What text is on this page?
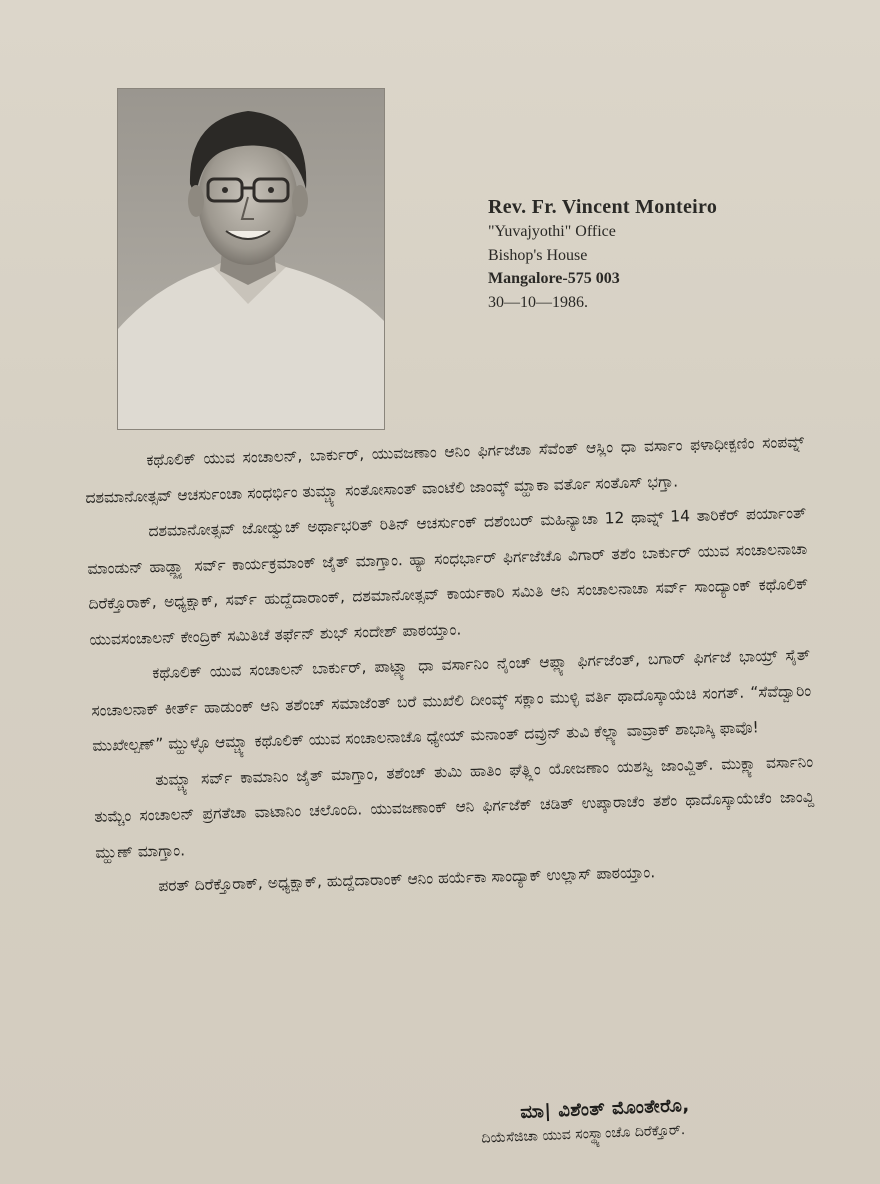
Rev. Fr. Vincent Monteiro
"Yuvajyothi" Office
Bishop's House
Mangalore-575 003
30—10—1986.

ಕಥೊಲಿಕ್ ಯುವ ಸಂಚಾಲನ್, ಬಾರ್ಕುರ್, ಯುವಜಣಾಂ ಆನಿಂ ಫಿರ್ಗಜೆಚಾ ಸೆವೆಂತ್ ಆಸ್ಲಿಂ ಧಾ ವರ್ಸಾಂ ಫಳಾಧೀಕ್ಪಣಿಂ ಸಂಪವ್ನ್ ದಶಮಾನೋತ್ಸವ್ ಆಚರ್ಸುಂಚಾ ಸಂಧರ್ಭಿಂ ತುಮ್ಚ್ಯಾ ಸಂತೋಸಾಂತ್ ವಾಂಟೆಲಿ ಜಾಂವ್ಕ್ ಮ್ಹಾಕಾ ವರ್ತೊ ಸಂತೊಸ್ ಭಗ್ತಾ.

ದಶಮಾನೋತ್ಸವ್ ಜೋಡ್ವುಚ್ ಅರ್ಥಾಭರಿತ್ ರಿತಿನ್ ಆಚರ್ಸುಂಕ್ ದಶೆಂಬರ್ ಮಹಿನ್ಯಾಚಾ 12 ಥಾವ್ನ್ 14 ತಾರಿಕೆರ್ ಪರ್ಯಾಂತ್ ಮಾಂಡುನ್ ಹಾಡ್ಲ್ಲ್ಯಾ ಸರ್ವ್ ಕಾರ್ಯಕ್ರಮಾಂಕ್ ಜೈತ್ ಮಾಗ್ತಾಂ. ಹ್ಯಾ ಸಂಧರ್ಭಾರ್ ಫಿರ್ಗಜೆಚೊ ವಿಗಾರ್ ತಶೆಂ ಬಾರ್ಕುರ್ ಯುವ ಸಂಚಾಲನಾಚಾ ದಿರೆಕ್ತೊರಾಕ್, ಅಧ್ಯಕ್ಷಾಕ್, ಸರ್ವ್ ಹುದ್ದೆದಾರಾಂಕ್, ದಶಮಾನೋತ್ಸವ್ ಕಾರ್ಯಕಾರಿ ಸಮಿತಿ ಆನಿ ಸಂಚಾಲನಾಚಾ ಸರ್ವ್ ಸಾಂದ್ಯಾಂಕ್ ಕಥೊಲಿಕ್ ಯುವಸಂಚಾಲನ್ ಕೇಂದ್ರಿಕ್ ಸಮಿತಿಚೆ ತರ್ಫೆನ್ ಶುಭ್ ಸಂದೇಶ್ ಪಾಠಯ್ತಾಂ.

ಕಥೊಲಿಕ್ ಯುವ ಸಂಚಾಲನ್ ಬಾರ್ಕುರ್, ಪಾಟ್ಲ್ಯಾ ಧಾ ವರ್ಸಾನಿಂ ನೈಂಚ್ ಆಪ್ಲ್ಯಾ ಫಿರ್ಗಜೆಂತ್, ಬಗಾರ್ ಫಿರ್ಗಜೆ ಭಾಯ್ರ್ ಸೈತ್ ಸಂಚಾಲನಾಕ್ ಕೀರ್ತ್ ಹಾಡುಂಕ್ ಆನಿ ತಶೆಂಚ್ ಸಮಾಜೆಂತ್ ಬರೆ ಮುಖೆಲಿ ದೀಂವ್ಕ್ ಸಕ್ಲಾಂ ಮುಳ್ಳಿ ವರ್ತಿ ಥಾದೊಸ್ಕಾಯೆಚಿ ಸಂಗತ್. “ಸೆವೆದ್ವಾರಿಂ ಮುಖೇಲ್ಪಣ್” ಮ್ಹುಳ್ಳೊ ಆಮ್ಚ್ಯಾ ಕಥೊಲಿಕ್ ಯುವ ಸಂಚಾಲನಾಚೊ ಧ್ಯೇಯ್ ಮನಾಂತ್ ದವ್ರುನ್ ತುವಿ ಕೆಲ್ಲ್ಯಾ ವಾವ್ರಾಕ್ ಶಾಭಾಸ್ಕಿ ಫಾವೊ!

ತುಮ್ಚ್ಯಾ ಸರ್ವ್ ಕಾಮಾನಿಂ ಜೈತ್ ಮಾಗ್ತಾಂ, ತಶೆಂಚ್ ತುಮಿ ಹಾತಿಂ ಘೆತ್ಲ್ಲಿಂ ಯೋಜಣಾಂ ಯಶಸ್ವಿ ಜಾಂವ್ದಿತ್. ಮುಕ್ಲ್ಯಾ ವರ್ಸಾನಿಂ ತುಮ್ಚೆಂ ಸಂಚಾಲನ್ ಪ್ರಗತೆಚಾ ವಾಟಾನಿಂ ಚಲೊಂದಿ. ಯುವಜಣಾಂಕ್ ಆನಿ ಫಿರ್ಗಜೆಕ್ ಚಡಿತ್ ಉಪ್ಕಾರಾಚೆಂ ತಶೆಂ ಥಾದೊಸ್ಕಾಯೆಚೆಂ ಜಾಂವ್ದಿ ಮ್ಹುಣ್ ಮಾಗ್ತಾಂ.

ಪರತ್ ದಿರೆಕ್ತೊರಾಕ್, ಅಧ್ಯಕ್ಷಾಕ್, ಹುದ್ದೆದಾರಾಂಕ್ ಆನಿಂ ಹರ್ಯೆಕಾ ಸಾಂದ್ಯಾಕ್ ಉಲ್ಲಾಸ್ ಪಾಠಯ್ತಾಂ.

ಮಾ| ವಿಶೆಂತ್ ಮೊಂತೇರೊ,
ದಿಯೆಸೆಜಿಚಾ ಯುವ ಸಂಸ್ಥ್ಯಾಂಚೊ ದಿರೆಕ್ತೊರ್.
